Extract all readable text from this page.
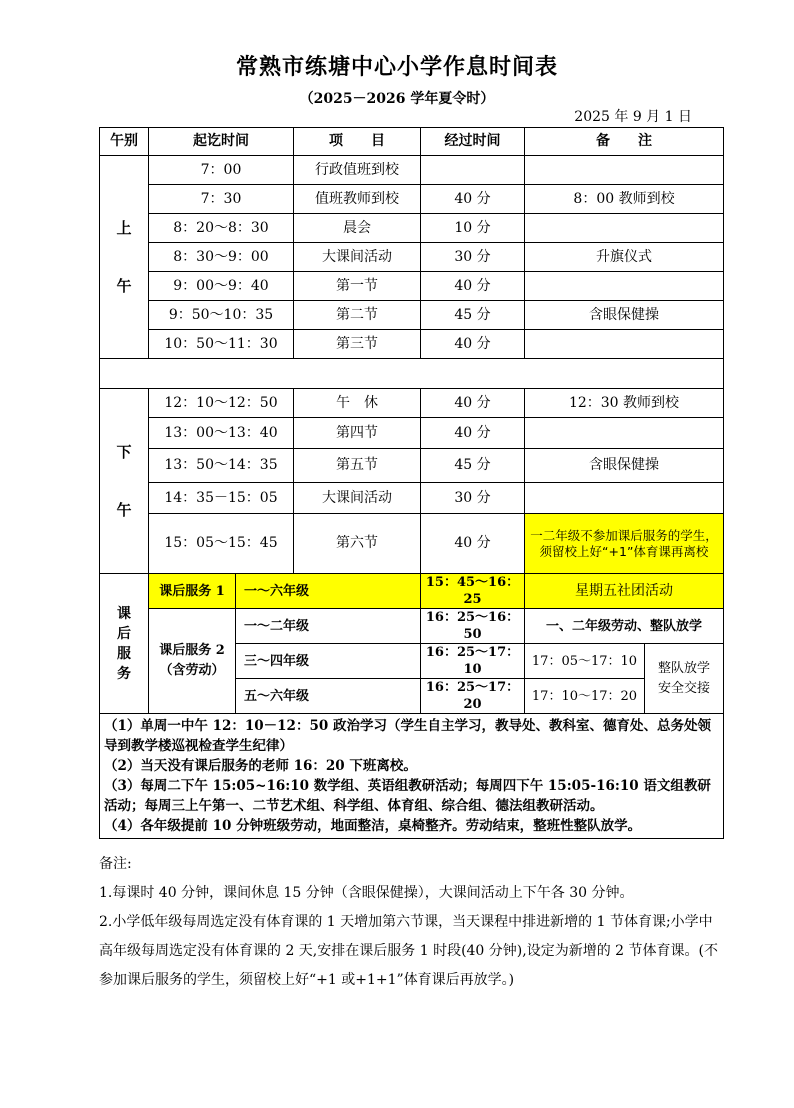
常熟市练塘中心小学作息时间表
（2025－2026 学年夏令时）
2025 年 9 月 1 日
午别	起讫时间		项　　目	经过时间	备　　注	

上
午	7：00		行政值班到校			
	7：30		值班教师到校	40 分	8：00 教师到校	
	8：20～8：30		晨会	10 分		
	8：30～9：00		大课间活动	30 分	升旗仪式	
	9：00～9：40		第一节	40 分		
	9：50～10：35		第二节	45 分	含眼保健操	
	10：50～11：30		第三节	40 分		

下
午	12：10～12：50		午　休	40 分	12：30 教师到校	
	13：00～13：40		第四节	40 分		
	13：50～14：35		第五节	45 分	含眼保健操	
	14：35－15：05		大课间活动	30 分		
	15：05～15：45		第六节	40 分	一二年级不参加课后服务的学生，须留校上好“+1”体育课再离校	

课
后
服
务	课后服务 1	一～六年级		15：45～16：25	星期五社团活动	

	课后服务 2
（含劳动）	一～二年级		16：25～16：50	一、二年级劳动、整队放学	
		三～四年级		16：25～17：10	17：05～17：10	整队放学
安全交接

		五～六年级		16：25～17：20	17：10～17：20	

（1）单周一中午 12：10－12：50 政治学习（学生自主学习，教导处、教科室、德育处、总务处领导到教学楼巡视检查学生纪律）
（2）当天没有课后服务的老师 16：20 下班离校。
（3）每周二下午 15:05~16:10 数学组、英语组教研活动；每周四下午 15:05-16:10 语文组教研活动；每周三上午第一、二节艺术组、科学组、体育组、综合组、德法组教研活动。
（4）各年级提前 10 分钟班级劳动，地面整洁，桌椅整齐。劳动结束，整班性整队放学。						
备注:
1.每课时 40 分钟，课间休息 15 分钟（含眼保健操），大课间活动上下午各 30 分钟。
2.小学低年级每周选定没有体育课的 1 天增加第六节课，当天课程中排进新增的 1 节体育课;小学中高年级每周选定没有体育课的 2 天,安排在课后服务 1 时段(40 分钟),设定为新增的 2 节体育课。(不参加课后服务的学生，须留校上好“+1 或+1+1”体育课后再放学。)
